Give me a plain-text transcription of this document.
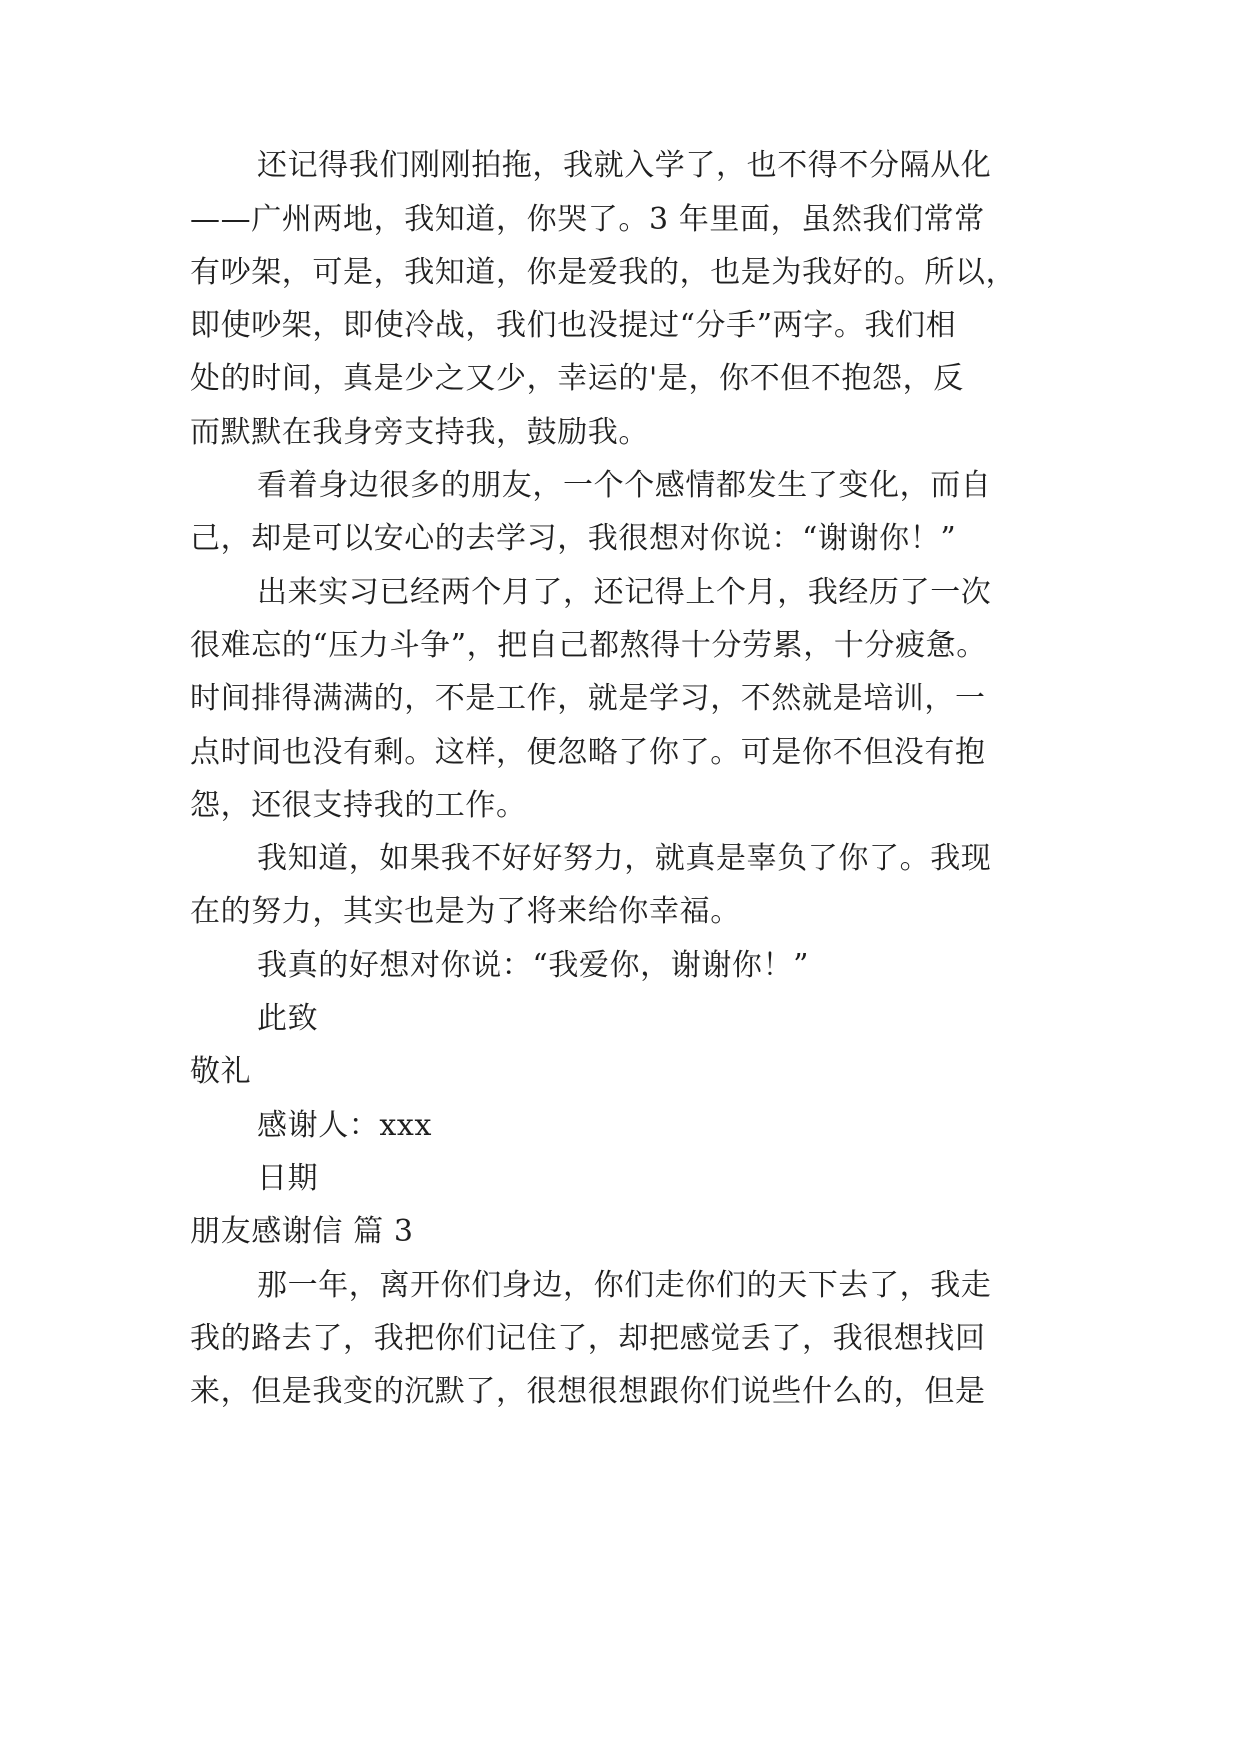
还记得我们刚刚拍拖，我就入学了，也不得不分隔从化
——广州两地，我知道，你哭了。3 年里面，虽然我们常常
有吵架，可是，我知道，你是爱我的，也是为我好的。所以，
即使吵架，即使冷战，我们也没提过“分手”两字。我们相
处的时间，真是少之又少，幸运的'是，你不但不抱怨，反
而默默在我身旁支持我，鼓励我。
看着身边很多的朋友，一个个感情都发生了变化，而自
己，却是可以安心的去学习，我很想对你说：“谢谢你！”
出来实习已经两个月了，还记得上个月，我经历了一次
很难忘的“压力斗争”，把自己都熬得十分劳累，十分疲惫。
时间排得满满的，不是工作，就是学习，不然就是培训，一
点时间也没有剩。这样，便忽略了你了。可是你不但没有抱
怨，还很支持我的工作。
我知道，如果我不好好努力，就真是辜负了你了。我现
在的努力，其实也是为了将来给你幸福。
我真的好想对你说：“我爱你，谢谢你！”
此致
敬礼
感谢人：xxx
日期
朋友感谢信 篇 3
那一年，离开你们身边，你们走你们的天下去了，我走
我的路去了，我把你们记住了，却把感觉丢了，我很想找回
来，但是我变的沉默了，很想很想跟你们说些什么的，但是
